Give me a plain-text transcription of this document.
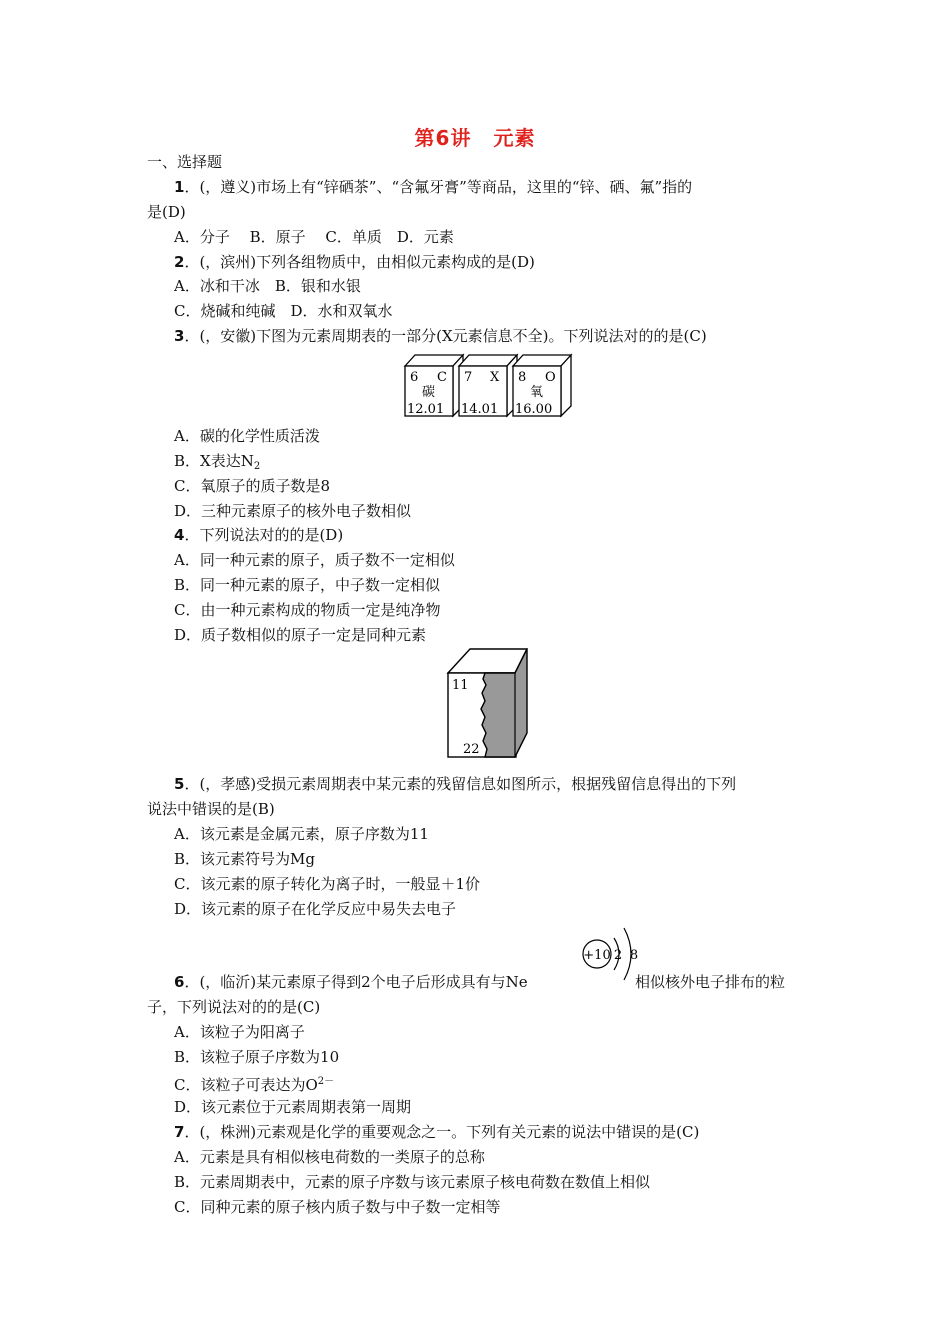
第6讲 元素
一、选择题
1．(，遵义)市场上有“锌硒茶”、“含氟牙膏”等商品，这里的“锌、硒、氟”指的
是(D)
A．分子　 B．原子　 C．单质　D．元素
2．(，滨州)下列各组物质中，由相似元素构成的是(D)
A．冰和干冰　B．银和水银
C．烧碱和纯碱　D．水和双氧水
3．(，安徽)下图为元素周期表的一部分(X元素信息不全)。下列说法对的的是(C)
6 C
碳
12.01
7 X
14.01
8 O
氧
16.00
A．碳的化学性质活泼
B．X表达$N_2$
C．氧原子的质子数是8
D．三种元素原子的核外电子数相似
4．下列说法对的的是(D)
A．同一种元素的原子，质子数不一定相似
B．同一种元素的原子，中子数一定相似
C．由一种元素构成的物质一定是纯净物
D．质子数相似的原子一定是同种元素
11
22
5．(，孝感)受损元素周期表中某元素的残留信息如图所示，根据残留信息得出的下列
说法中错误的是(B)
A．该元素是金属元素，原子序数为11
B．该元素符号为Mg
C．该元素的原子转化为离子时，一般显＋1价
D．该元素的原子在化学反应中易失去电子
+10 2 8
6．(，临沂)某元素原子得到2个电子后形成具有与Ne	相似核外电子排布的粒
子，下列说法对的的是(C)
A．该粒子为阳离子
B．该粒子原子序数为10
C．该粒子可表达为$O^{2-}$
D．该元素位于元素周期表第一周期
7．(，株洲)元素观是化学的重要观念之一。下列有关元素的说法中错误的是(C)
A．元素是具有相似核电荷数的一类原子的总称
B．元素周期表中，元素的原子序数与该元素原子核电荷数在数值上相似
C．同种元素的原子核内质子数与中子数一定相等
